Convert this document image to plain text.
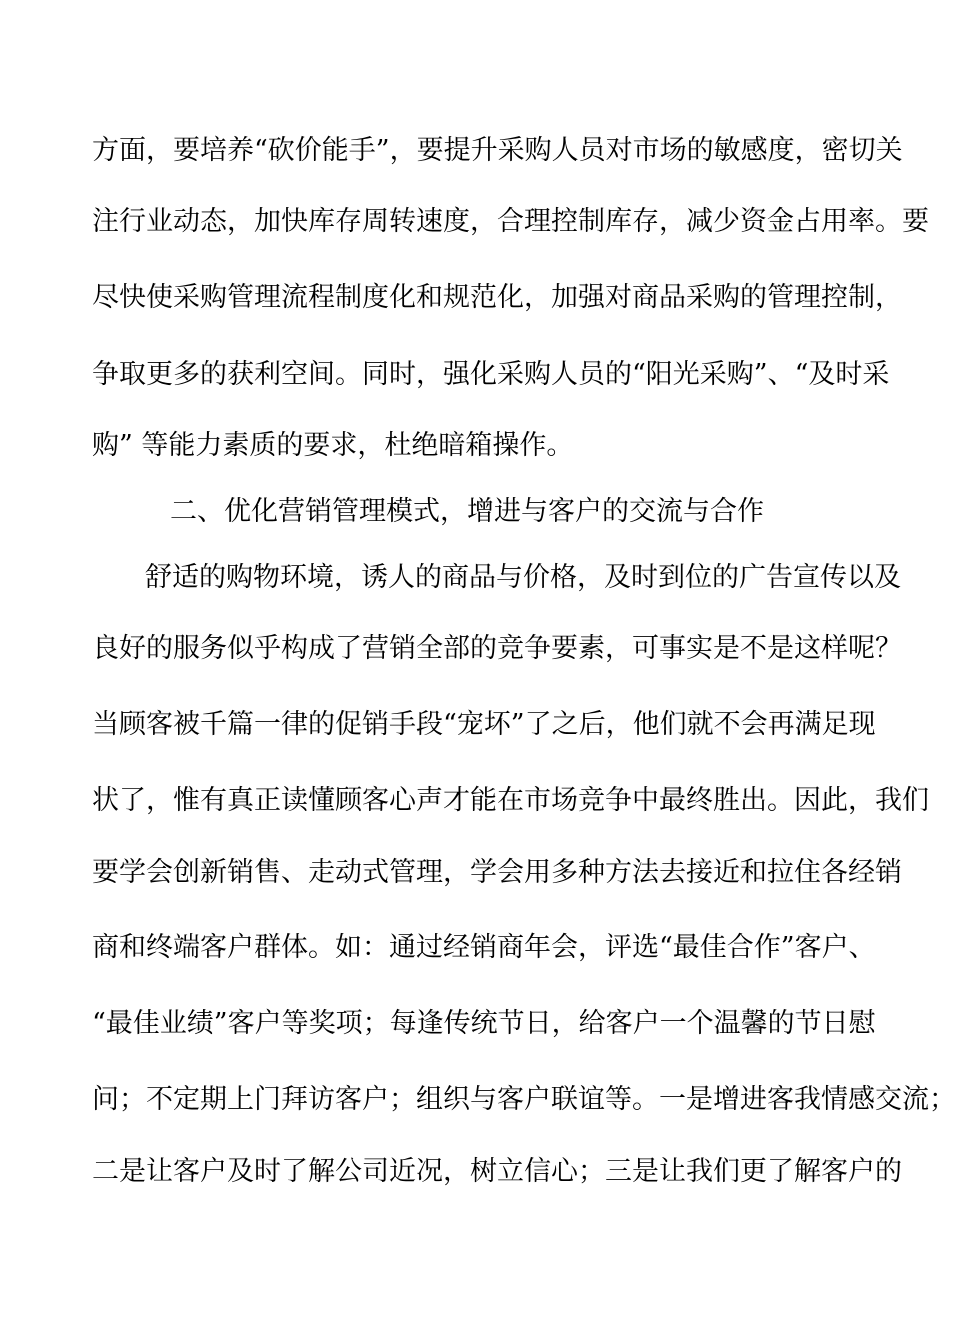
方面，要培养“砍价能手”，要提升采购人员对市场的敏感度，密切关
注行业动态，加快库存周转速度，合理控制库存，减少资金占用率。要
尽快使采购管理流程制度化和规范化，加强对商品采购的管理控制，
争取更多的获利空间。同时，强化采购人员的“阳光采购”、“及时采
购” 等能力素质的要求，杜绝暗箱操作。
二、优化营销管理模式，增进与客户的交流与合作
舒适的购物环境，诱人的商品与价格，及时到位的广告宣传以及
良好的服务似乎构成了营销全部的竞争要素，可事实是不是这样呢？
当顾客被千篇一律的促销手段“宠坏”了之后，他们就不会再满足现
状了，惟有真正读懂顾客心声才能在市场竞争中最终胜出。因此，我们
要学会创新销售、走动式管理，学会用多种方法去接近和拉住各经销
商和终端客户群体。如：通过经销商年会，评选“最佳合作”客户、
“最佳业绩”客户等奖项；每逢传统节日，给客户一个温馨的节日慰
问；不定期上门拜访客户；组织与客户联谊等。一是增进客我情感交流；
二是让客户及时了解公司近况，树立信心；三是让我们更了解客户的
